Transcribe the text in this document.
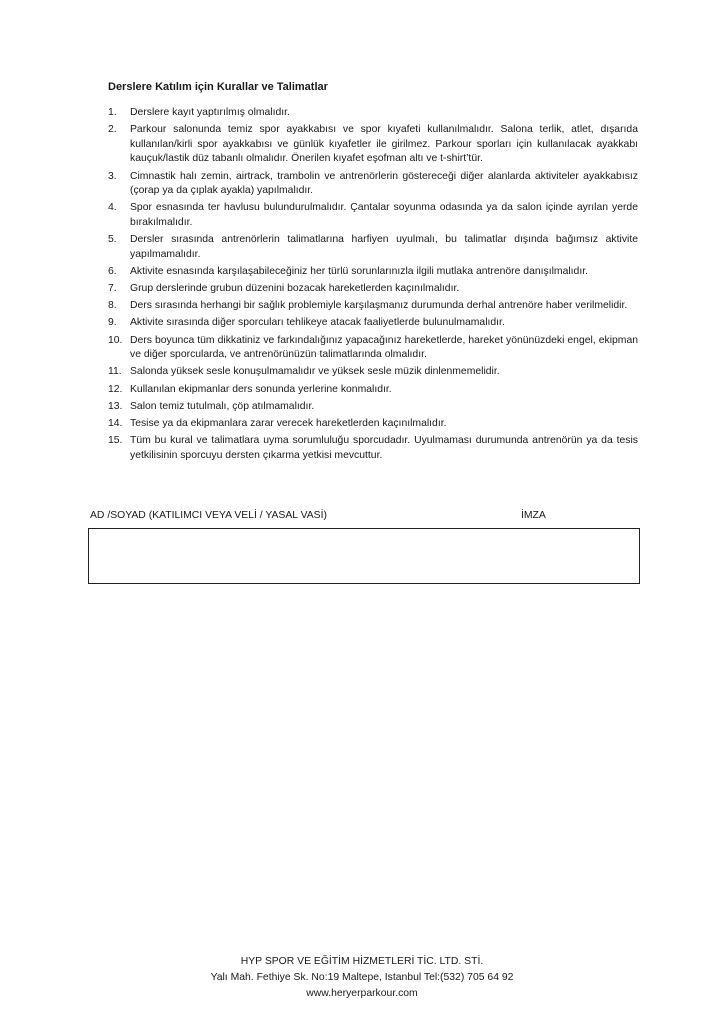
Derslere Katılım için Kurallar ve Talimatlar
1. Derslere kayıt yaptırılmış olmalıdır.
2. Parkour salonunda temiz spor ayakkabısı ve spor kıyafeti kullanılmalıdır. Salona terlik, atlet, dışarıda kullanılan/kirli spor ayakkabısı ve günlük kıyafetler ile girilmez. Parkour sporları için kullanılacak ayakkabı kauçuk/lastik düz tabanlı olmalıdır. Önerilen kıyafet eşofman altı ve t-shirt’tür.
3. Cimnastik halı zemin, airtrack, trambolin ve antrenörlerin göstereceği diğer alanlarda aktiviteler ayakkabısız (çorap ya da çıplak ayakla) yapılmalıdır.
4. Spor esnasında ter havlusu bulundurulmalıdır. Çantalar soyunma odasında ya da salon içinde ayrılan yerde bırakılmalıdır.
5. Dersler sırasında antrenörlerin talimatlarına harfiyen uyulmalı, bu talimatlar dışında bağımsız aktivite yapılmamalıdır.
6. Aktivite esnasında karşılaşabileceğiniz her türlü sorunlarınızla ilgili mutlaka antrenöre danışılmalıdır.
7. Grup derslerinde grubun düzenini bozacak hareketlerden kaçınılmalıdır.
8. Ders sırasında herhangi bir sağlık problemiyle karşılaşmanız durumunda derhal antrenöre haber verilmelidir.
9. Aktivite sırasında diğer sporcuları tehlikeye atacak faaliyetlerde bulunulmamalıdır.
10. Ders boyunca tüm dikkatiniz ve farkındalığınız yapacağınız hareketlerde, hareket yönünüzdeki engel, ekipman ve diğer sporcularda, ve antrenörünüzün talimatlarında olmalıdır.
11. Salonda yüksek sesle konuşulmamalıdır ve yüksek sesle müzik dinlenmemelidir.
12. Kullanılan ekipmanlar ders sonunda yerlerine konmalıdır.
13. Salon temiz tutulmalı, çöp atılmamalıdır.
14. Tesise ya da ekipmanlara zarar verecek hareketlerden kaçınılmalıdır.
15. Tüm bu kural ve talimatlara uyma sorumluluğu sporcudadır. Uyulmaması durumunda antrenörün ya da tesis yetkilisinin sporcuyu dersten çıkarma yetkisi mevcuttur.
AD /SOYAD (KATILIMCI VEYA VELİ / YASAL VASİ)	İMZA
HYP SPOR VE EĞİTİM HİZMETLERİ TİC. LTD. STİ.
Yalı Mah. Fethiye Sk. No:19 Maltepe, Istanbul Tel:(532) 705 64 92
www.heryerparkour.com
